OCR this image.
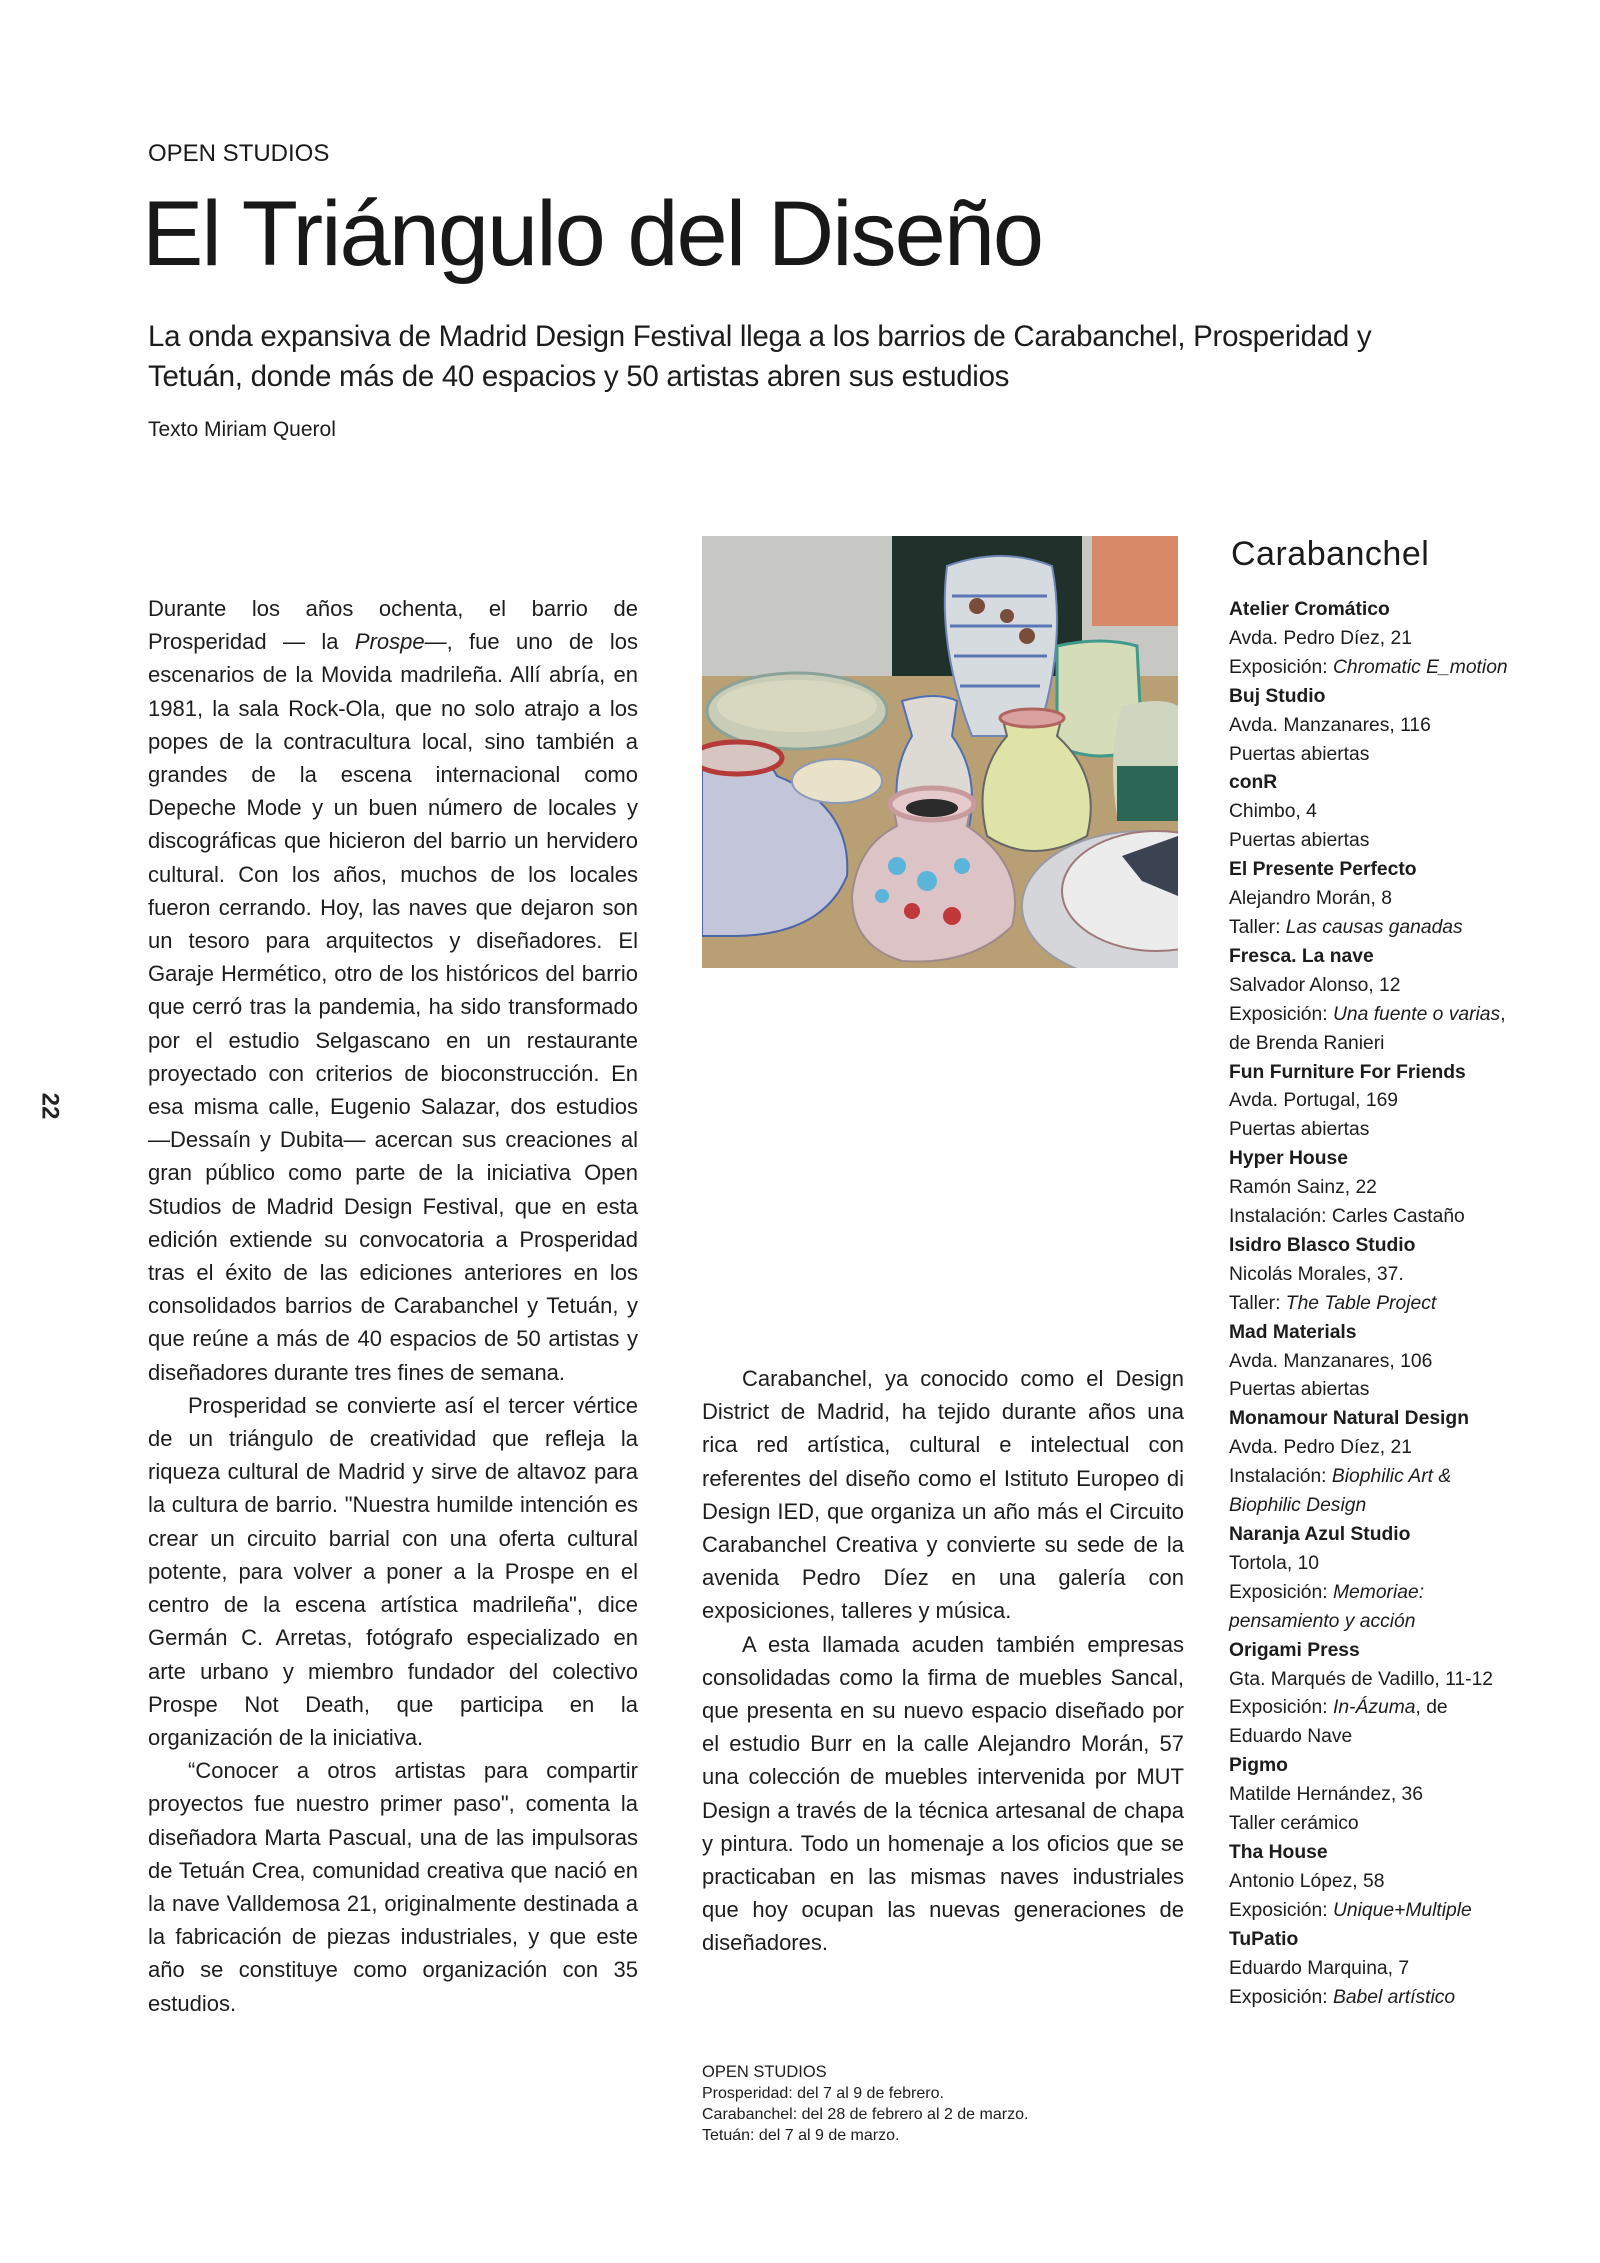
OPEN STUDIOS
El Triángulo del Diseño
La onda expansiva de Madrid Design Festival llega a los barrios de Carabanchel, Prosperidad y Tetuán, donde más de 40 espacios y 50 artistas abren sus estudios
Texto Miriam Querol
22

Durante los años ochenta, el barrio de Prosperidad — la Prospe—, fue uno de los escenarios de la Movida madrileña. Allí abría, en 1981, la sala Rock-Ola, que no solo atrajo a los popes de la contracultura local, sino también a grandes de la escena internacional como Depeche Mode y un buen número de locales y discográficas que hicieron del barrio un hervidero cultural. Con los años, muchos de los locales fueron cerrando. Hoy, las naves que dejaron son un tesoro para arquitectos y diseñadores. El Garaje Hermético, otro de los históricos del barrio que cerró tras la pandemia, ha sido transformado por el estudio Selgascano en un restaurante proyectado con criterios de bioconstrucción. En esa misma calle, Eugenio Salazar, dos estudios —Dessaín y Dubita— acercan sus creaciones al gran público como parte de la iniciativa Open Studios de Madrid Design Festival, que en esta edición extiende su convocatoria a Prosperidad tras el éxito de las ediciones anteriores en los consolidados barrios de Carabanchel y Tetuán, y que reúne a más de 40 espacios de 50 artistas y diseñadores durante tres fines de semana.

Prosperidad se convierte así el tercer vértice de un triángulo de creatividad que refleja la riqueza cultural de Madrid y sirve de altavoz para la cultura de barrio. "Nuestra humilde intención es crear un circuito barrial con una oferta cultural potente, para volver a poner a la Prospe en el centro de la escena artística madrileña", dice Germán C. Arretas, fotógrafo especializado en arte urbano y miembro fundador del colectivo Prospe Not Death, que participa en la organización de la iniciativa.

“Conocer a otros artistas para compartir proyectos fue nuestro primer paso", comenta la diseñadora Marta Pascual, una de las impulsoras de Tetuán Crea, comunidad creativa que nació en la nave Valldemosa 21, originalmente destinada a la fabricación de piezas industriales, y que este año se constituye como organización con 35 estudios.

Carabanchel, ya conocido como el Design District de Madrid, ha tejido durante años una rica red artística, cultural e intelectual con referentes del diseño como el Istituto Europeo di Design IED, que organiza un año más el Circuito Carabanchel Creativa y convierte su sede de la avenida Pedro Díez en una galería con exposiciones, talleres y música.

A esta llamada acuden también empresas consolidadas como la firma de muebles Sancal, que presenta en su nuevo espacio diseñado por el estudio Burr en la calle Alejandro Morán, 57 una colección de muebles intervenida por MUT Design a través de la técnica artesanal de chapa y pintura. Todo un homenaje a los oficios que se practicaban en las mismas naves industriales que hoy ocupan las nuevas generaciones de diseñadores.

OPEN STUDIOS
Prosperidad: del 7 al 9 de febrero.
Carabanchel: del 28 de febrero al 2 de marzo.
Tetuán: del 7 al 9 de marzo.
Carabanchel
Atelier Cromático
Avda. Pedro Díez, 21
Exposición: Chromatic E_motion
Buj Studio
Avda. Manzanares, 116
Puertas abiertas
conR
Chimbo, 4
Puertas abiertas
El Presente Perfecto
Alejandro Morán, 8
Taller: Las causas ganadas
Fresca. La nave
Salvador Alonso, 12
Exposición: Una fuente o varias,
de Brenda Ranieri
Fun Furniture For Friends
Avda. Portugal, 169
Puertas abiertas
Hyper House
Ramón Sainz, 22
Instalación: Carles Castaño
Isidro Blasco Studio
Nicolás Morales, 37.
Taller: The Table Project
Mad Materials
Avda. Manzanares, 106
Puertas abiertas
Monamour Natural Design
Avda. Pedro Díez, 21
Instalación: Biophilic Art &
Biophilic Design
Naranja Azul Studio
Tortola, 10
Exposición: Memoriae:
pensamiento y acción
Origami Press
Gta. Marqués de Vadillo, 11-12
Exposición: In-Ázuma, de
Eduardo Nave
Pigmo
Matilde Hernández, 36
Taller cerámico
Tha House
Antonio López, 58
Exposición: Unique+Multiple
TuPatio
Eduardo Marquina, 7
Exposición: Babel artístico
